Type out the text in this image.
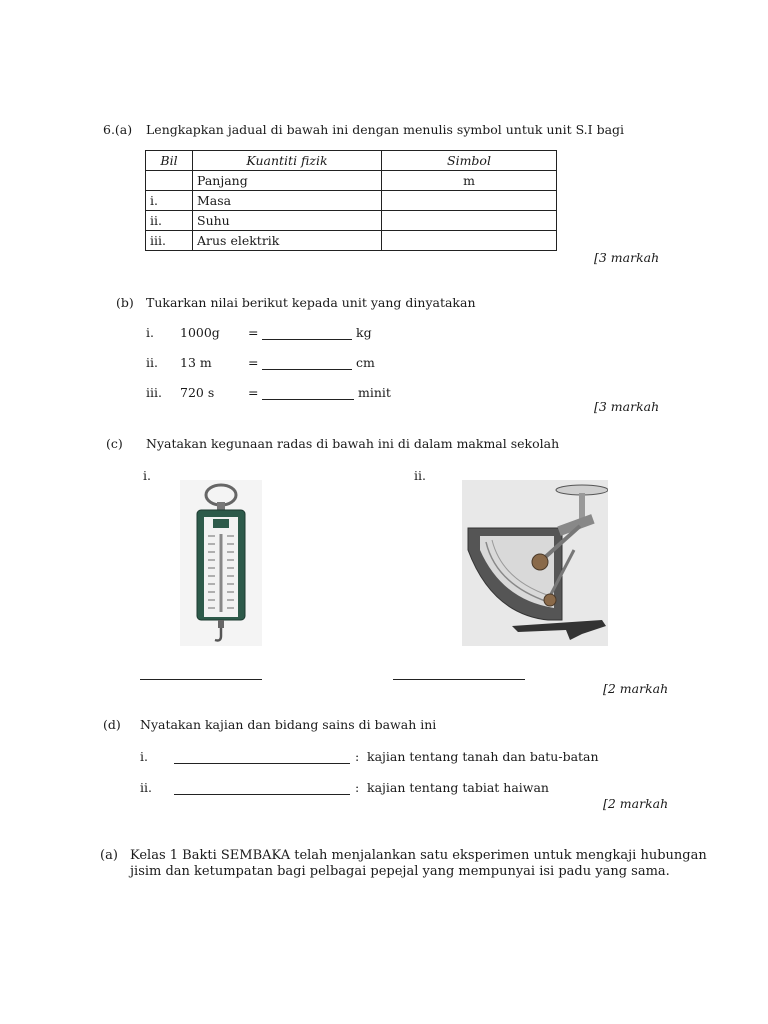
6.(a) Lengkapkan jadual di bawah ini dengan menulis symbol untuk unit S.I bagi
Bil	Kuantiti fizik	Simbol
	Panjang	m
i.	Masa	
ii.	Suhu	
iii.	Arus elektrik	
[3 markah
(b) Tukarkan nilai berikut kepada unit yang dinyatakan
i. 1000g =	kg
ii. 13 m	=	cm
iii. 720 s	=	minit
[3 markah
(c) Nyatakan kegunaan radas di bawah ini di dalam makmal sekolah
i.	ii.
[2 markah
(d) Nyatakan kajian dan bidang sains di bawah ini
i.	: kajian tentang tanah dan batu-batan
ii.	: kajian tentang tabiat haiwan
[2 markah
(a) Kelas 1 Bakti SEMBAKA telah menjalankan satu eksperimen untuk mengkaji hubungan
jisim dan ketumpatan bagi pelbagai pepejal yang mempunyai isi padu yang sama.
